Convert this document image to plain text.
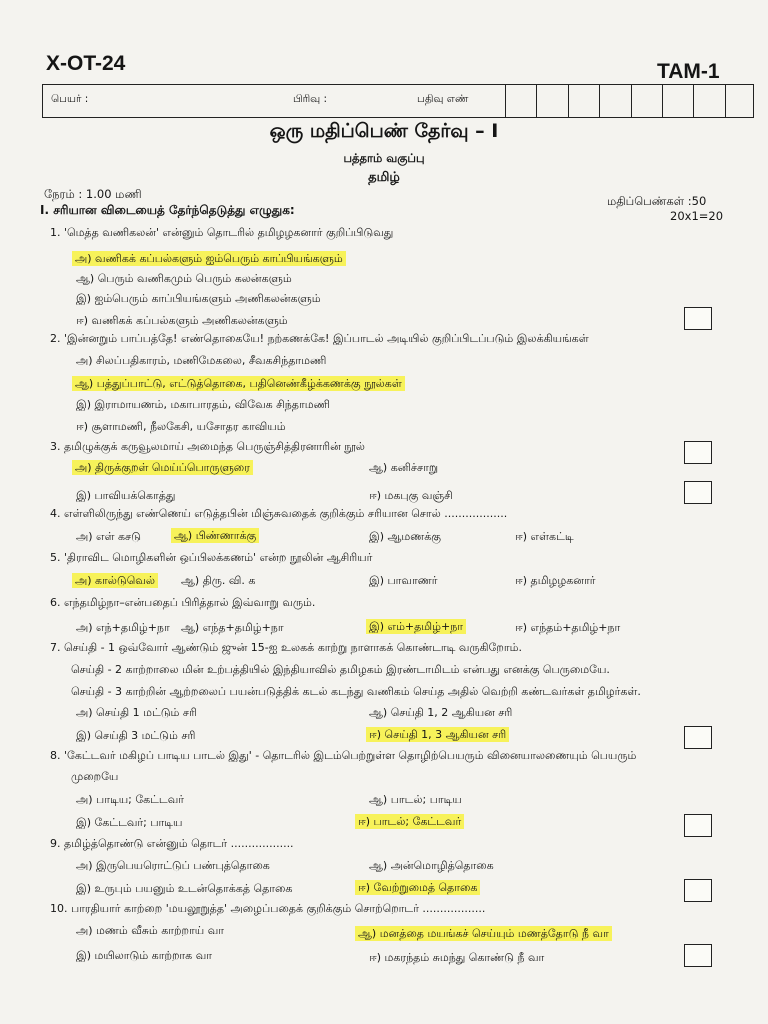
X-OT-24	TAM-1
பெயர் :	பிரிவு :	பதிவு எண்
ஒரு மதிப்பெண் தேர்வு – I
பத்தாம் வகுப்பு
தமிழ்
நேரம் : 1.00 மணி	மதிப்பெண்கள் :50
20x1=20
I. சரியான விடையைத் தேர்ந்தெடுத்து எழுதுக:
1. 'மெத்த வணிகலன்' என்னும் தொடரில் தமிழழகனார் குறிப்பிடுவது
அ) வணிகக் கப்பல்களும் ஐம்பெரும் காப்பியங்களும்
ஆ) பெரும் வணிகமும் பெரும் கலன்களும்
இ) ஐம்பெரும் காப்பியங்களும் அணிகலன்களும்
ஈ) வணிகக் கப்பல்களும் அணிகலன்களும்
2. 'இன்னறும் பாப்பத்தே! எண்தொகையே! நற்கணக்கே! இப்பாடல் அடியில் குறிப்பிடப்படும் இலக்கியங்கள்
அ) சிலப்பதிகாரம், மணிமேகலை, சீவகசிந்தாமணி
ஆ) பத்துப்பாட்டு, எட்டுத்தொகை, பதினெண்கீழ்க்கணக்கு நூல்கள்
இ) இராமாயணம், மகாபாரதம், விவேக சிந்தாமணி
ஈ) சூளாமணி, நீலகேசி, யசோதர காவியம்
3. தமிழுக்குக் கருவூலமாய் அமைந்த பெருஞ்சித்திரனாரின் நூல்
அ) திருக்குறள் மெய்ப்பொருளுரை	ஆ) கனிச்சாறு
இ) பாவியக்கொத்து	ஈ) மகபுகு வஞ்சி
4. எள்ளிலிருந்து எண்ணெய் எடுத்தபின் மிஞ்சுவதைக் குறிக்கும் சரியான சொல் ..................
அ) எள் கசடு	ஆ) பிண்ணாக்கு	இ) ஆமணக்கு	ஈ) எள்கட்டி
5. 'திராவிட மொழிகளின் ஒப்பிலக்கணம்' என்ற நூலின் ஆசிரியர்
அ) கால்டுவெல் ஆ) திரு. வி. க	இ) பாவாணர்	ஈ) தமிழழகனார்
6. எந்தமிழ்நா–என்பதைப் பிரித்தால் இவ்வாறு வரும்.
அ) எந்+தமிழ்+நா ஆ) எந்த+தமிழ்+நா	இ) எம்+தமிழ்+நா	ஈ) எந்தம்+தமிழ்+நா
7. செய்தி - 1 ஒவ்வோர் ஆண்டும் ஜுன் 15-ஐ உலகக் காற்று நாளாகக் கொண்டாடி வருகிறோம்.
செய்தி - 2 காற்றாலை மின் உற்பத்தியில் இந்தியாவில் தமிழகம் இரண்டாமிடம் என்பது எனக்கு பெருமையே.
செய்தி - 3 காற்றின் ஆற்றலைப் பயன்படுத்திக் கடல் கடந்து வணிகம் செய்த அதில் வெற்றி கண்டவர்கள் தமிழர்கள்.
அ) செய்தி 1 மட்டும் சரி	ஆ) செய்தி 1, 2 ஆகியன சரி
இ) செய்தி 3 மட்டும் சரி	ஈ) செய்தி 1, 3 ஆகியன சரி
8. 'கேட்டவர் மகிழப் பாடிய பாடல் இது' - தொடரில் இடம்பெற்றுள்ள தொழிற்பெயரும் வினையாலணையும் பெயரும்
முறையே
அ) பாடிய; கேட்டவர்	ஆ) பாடல்; பாடிய
இ) கேட்டவர்; பாடிய	ஈ) பாடல்; கேட்டவர்
9. தமிழ்த்தொண்டு என்னும் தொடர் ..................
அ) இருபெயரொட்டுப் பண்புத்தொகை	ஆ) அன்மொழித்தொகை
இ) உருபும் பயனும் உடன்தொக்கத் தொகை	ஈ) வேற்றுமைத் தொகை
10. பாரதியார் காற்றை 'மயலூறுத்த' அழைப்பதைக் குறிக்கும் சொற்றொடர் ..................
அ) மணம் வீசும் காற்றாய் வா	ஆ) மனத்தை மயங்கச் செய்யும் மணத்தோடு நீ வா
இ) மயிலாடும் காற்றாக வா	ஈ) மகரந்தம் சுமந்து கொண்டு நீ வா
